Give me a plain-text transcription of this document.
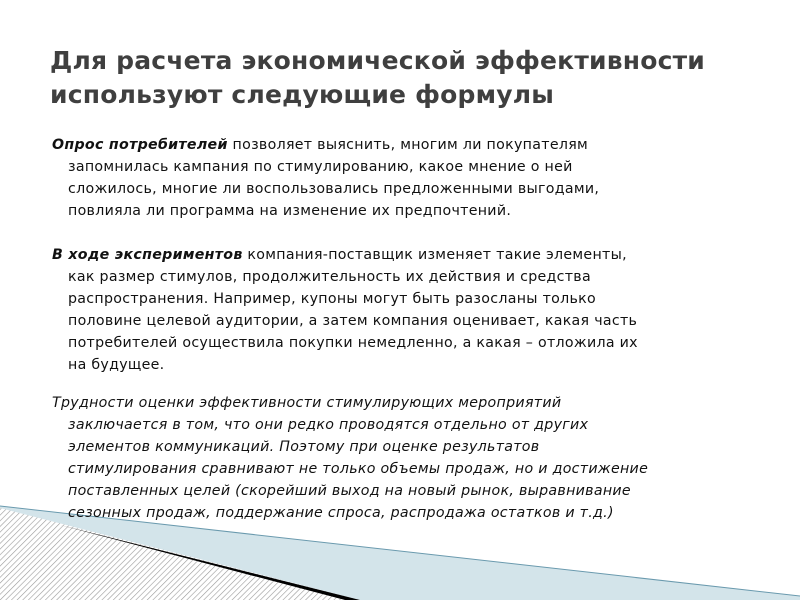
Для расчета экономической эффективности
используют следующие формулы
Опрос потребителей позволяет выяснить, многим ли покупателям
запомнилась кампания по стимулированию, какое мнение о ней
сложилось, многие ли воспользовались предложенными выгодами,
повлияла ли программа на изменение их предпочтений.
В ходе экспериментов компания-поставщик изменяет такие элементы,
как размер стимулов, продолжительность их действия и средства
распространения. Например, купоны могут быть разосланы только
половине целевой аудитории, а затем компания оценивает, какая часть
потребителей осуществила покупки немедленно, а какая – отложила их
на будущее.
Трудности оценки эффективности стимулирующих мероприятий
заключается в том, что они редко проводятся отдельно от других
элементов коммуникаций. Поэтому при оценке результатов
стимулирования сравнивают не только объемы продаж, но и достижение
поставленных целей (скорейший выход на новый рынок, выравнивание
сезонных продаж, поддержание спроса, распродажа остатков и т.д.)
